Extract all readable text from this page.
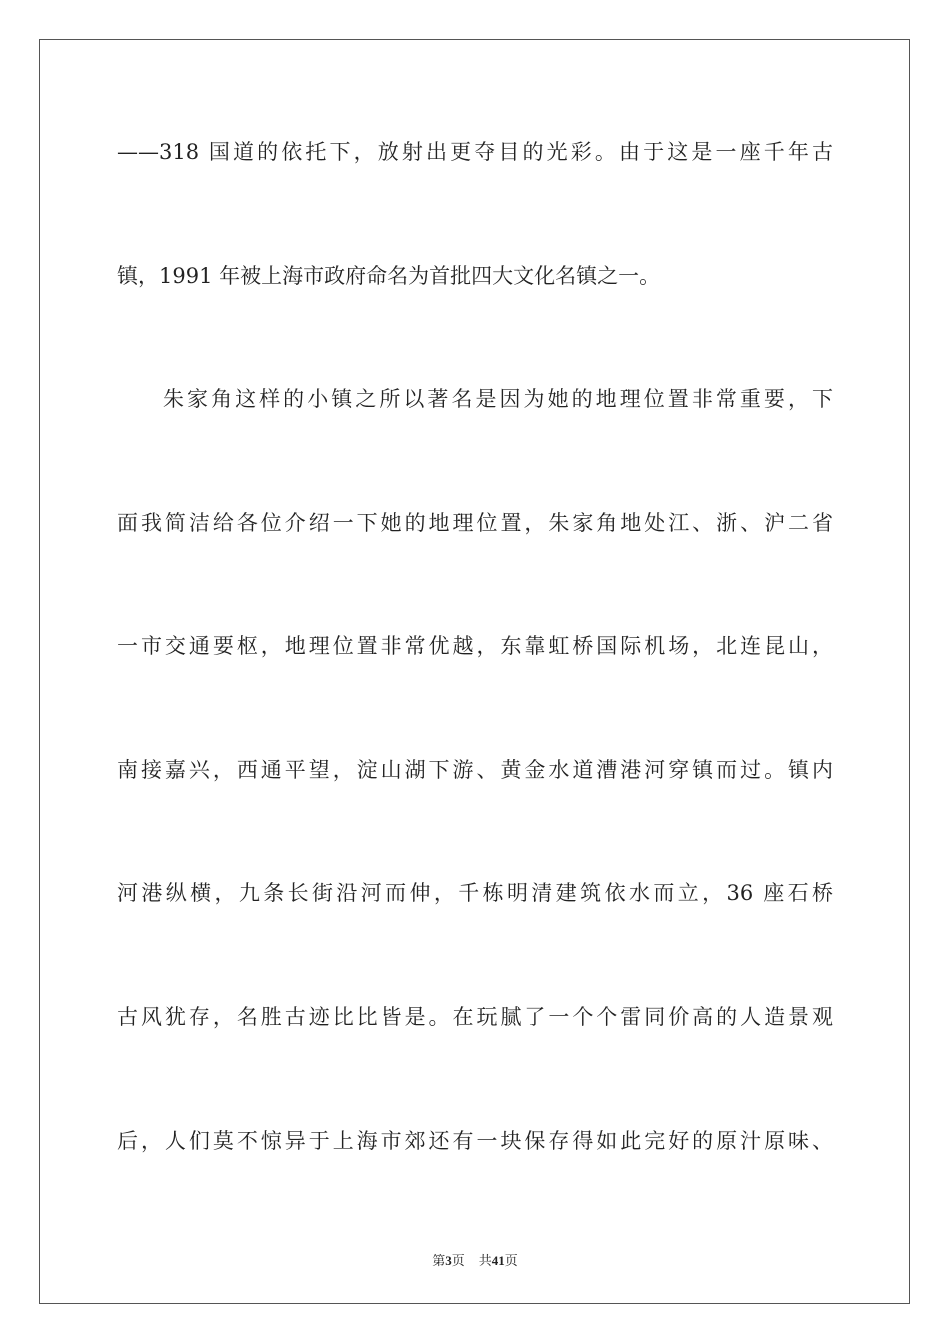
——318 国道的依托下，放射出更夺目的光彩。由于这是一座千年古
镇，1991 年被上海市政府命名为首批四大文化名镇之一。
朱家角这样的小镇之所以著名是因为她的地理位置非常重要，下
面我简洁给各位介绍一下她的地理位置，朱家角地处江、浙、沪二省
一市交通要枢，地理位置非常优越，东靠虹桥国际机场，北连昆山，
南接嘉兴，西通平望，淀山湖下游、黄金水道漕港河穿镇而过。镇内
河港纵横，九条长街沿河而伸，千栋明清建筑依水而立，36 座石桥
古风犹存，名胜古迹比比皆是。在玩腻了一个个雷同价高的人造景观
后，人们莫不惊异于上海市郊还有一块保存得如此完好的原汁原味、
第3页 共41页
